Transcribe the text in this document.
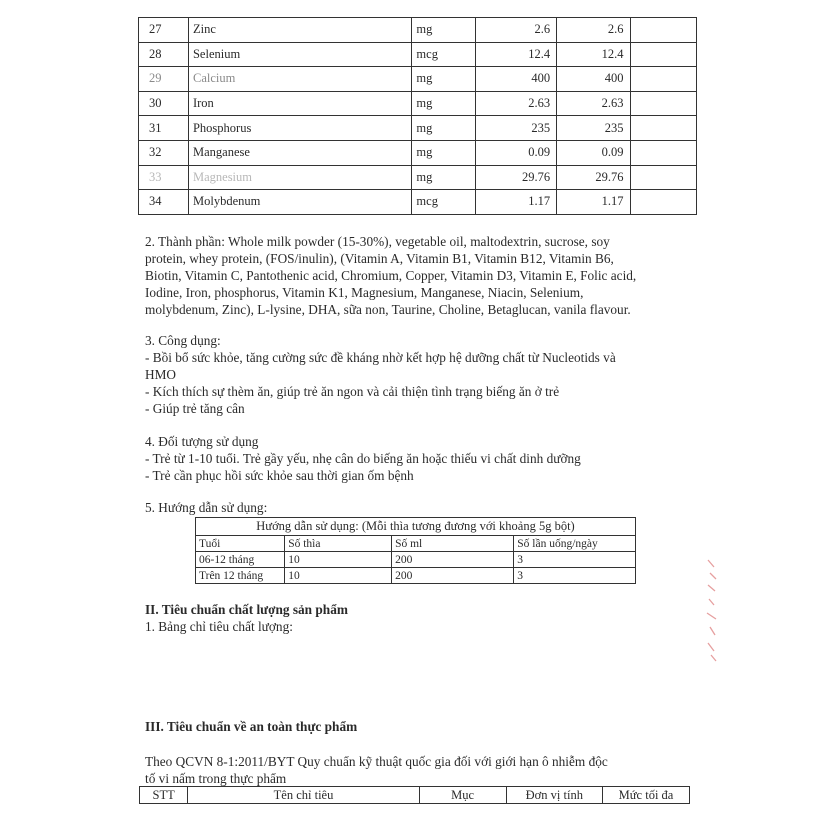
27	Zinc	mg	2.6	2.6	
28	Selenium	mcg	12.4	12.4	
29	Calcium	mg	400	400	
30	Iron	mg	2.63	2.63	
31	Phosphorus	mg	235	235	
32	Manganese	mg	0.09	0.09	
33	Magnesium	mg	29.76	29.76	
34	Molybdenum	mcg	1.17	1.17	

2. Thành phần: Whole milk powder (15-30%), vegetable oil, maltodextrin, sucrose, soy

protein, whey protein, (FOS/inulin), (Vitamin A, Vitamin B1, Vitamin B12, Vitamin B6,

Biotin, Vitamin C, Pantothenic acid, Chromium, Copper, Vitamin D3, Vitamin E, Folic acid,

Iodine, Iron, phosphorus, Vitamin K1, Magnesium, Manganese, Niacin, Selenium,

molybdenum, Zinc), L-lysine, DHA, sữa non, Taurine, Choline, Betaglucan, vanila flavour.

3. Công dụng:

- Bồi bổ sức khỏe, tăng cường sức đề kháng nhờ kết hợp hệ dưỡng chất từ Nucleotids và

HMO

- Kích thích sự thèm ăn, giúp trẻ ăn ngon và cải thiện tình trạng biếng ăn ở trẻ

- Giúp trẻ tăng cân

4. Đối tượng sử dụng

- Trẻ từ 1-10 tuổi. Trẻ gầy yếu, nhẹ cân do biếng ăn hoặc thiếu vi chất dinh dưỡng

- Trẻ cần phục hồi sức khỏe sau thời gian ốm bệnh

5. Hướng dẫn sử dụng:

Hướng dẫn sử dụng: (Mỗi thìa tương đương với khoảng 5g bột)			
Tuổi	Số thìa	Số ml	Số lần uống/ngày
06-12 tháng	10	200	3
Trên 12 tháng	10	200	3

II. Tiêu chuẩn chất lượng sản phẩm

1. Bảng chỉ tiêu chất lượng:

III. Tiêu chuẩn về an toàn thực phẩm

Theo QCVN 8-1:2011/BYT Quy chuẩn kỹ thuật quốc gia đối với giới hạn ô nhiễm độc

tố vi nấm trong thực phẩm

STT	Tên chỉ tiêu	Mục	Đơn vị tính	Mức tối đa
